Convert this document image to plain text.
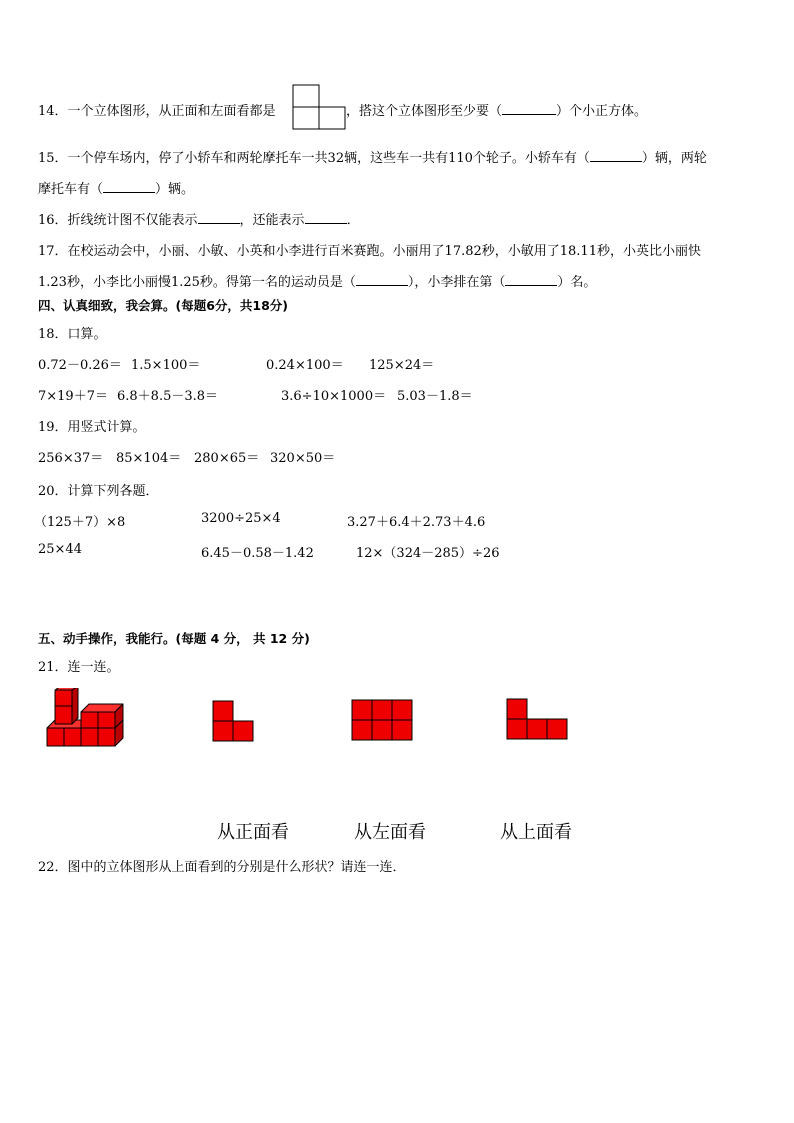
14．一个立体图形，从正面和左面看都是	，搭这个立体图形至少要（	）个小正方体。
15．一个停车场内，停了小轿车和两轮摩托车一共32辆，这些车一共有110个轮子。小轿车有（	）辆，两轮
摩托车有（	）辆。
16．折线统计图不仅能表示	，还能表示	．
17．在校运动会中，小丽、小敏、小英和小李进行百米赛跑。小丽用了17.82秒，小敏用了18.11秒，小英比小丽快
1.23秒，小李比小丽慢1.25秒。得第一名的运动员是（	），小李排在第（	）名。
四、认真细致，我会算。(每题6分，共18分)
18．口算。
0.72－0.26＝ 1.5×100＝	0.24×100＝ 125×24＝
7×19＋7＝ 6.8＋8.5－3.8＝	3.6÷10×1000＝ 5.03－1.8＝
19．用竖式计算。
256×37＝ 85×104＝ 280×65＝ 320×50＝
20．计算下列各题．
（125＋7）×8	3200÷25×4	3.27＋6.4＋2.73＋4.6
25×44	6.45－0.58－1.42	12×（324－285）÷26
五、动手操作，我能行。(每题 4 分， 共 12 分)
21．连一连。
从正面看	从左面看	从上面看
22．图中的立体图形从上面看到的分别是什么形状？请连一连．
